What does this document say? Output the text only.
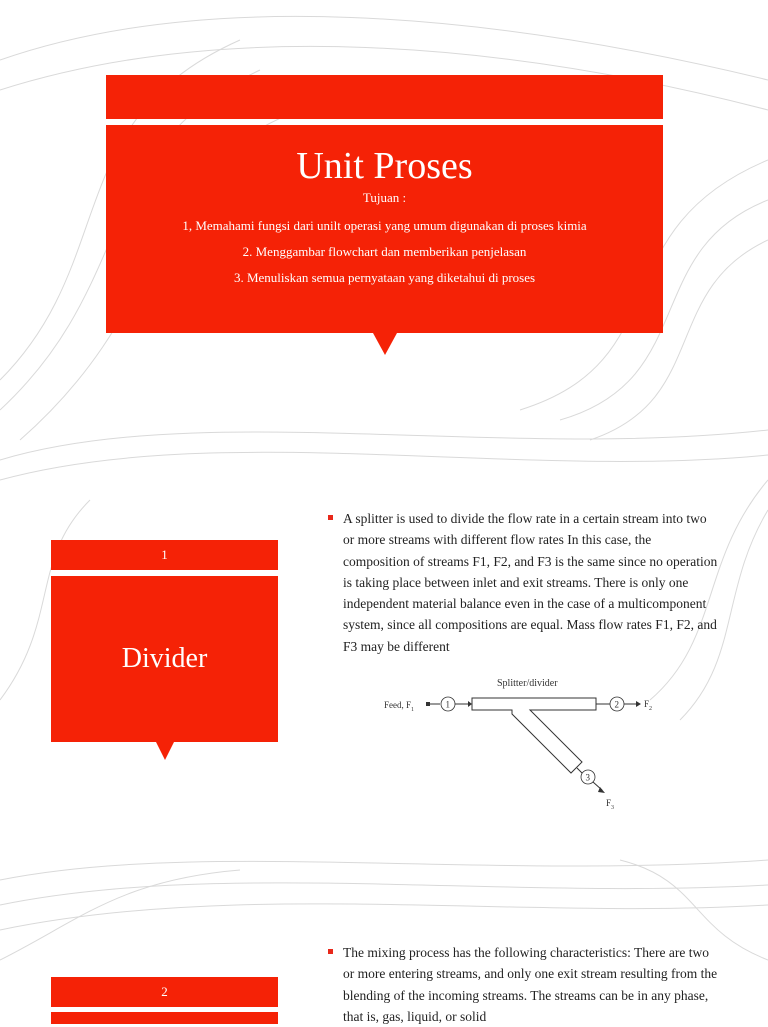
Unit Proses
Tujuan :
1, Memahami fungsi dari unilt operasi yang umum digunakan di proses kimia
2. Menggambar flowchart dan memberikan penjelasan
3. Menuliskan semua pernyataan yang diketahui di proses
1
Divider

A splitter is used to divide the flow rate in a certain stream into two or more streams with different flow rates In this case, the composition of streams F1, F2, and F3 is the same since no operation is taking place between inlet and exit streams. There is only one independent material balance even in the case of a multicomponent system, since all compositions are equal. Mass flow rates F1, F2, and F3 may be different

Splitter/divider
Feed, $F_1$
1	2	$F_2$
3
$F_3$
2

The mixing process has the following characteristics: There are two or more entering streams, and only one exit stream resulting from the blending of the incoming streams. The streams can be in any phase, that is, gas, liquid, or solid
